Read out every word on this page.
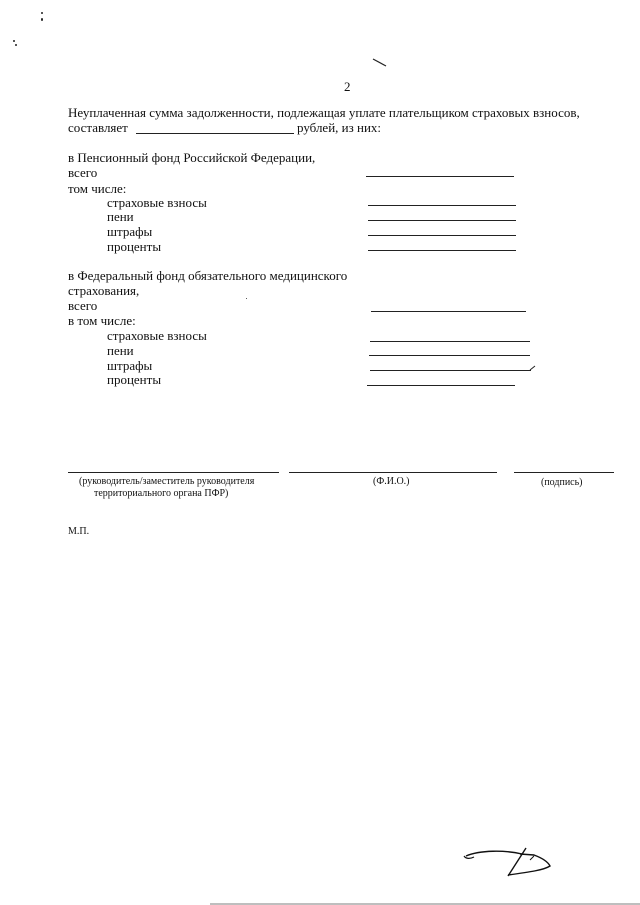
2
Неуплаченная сумма задолженности, подлежащая уплате плательщиком страховых взносов,
составляет	рублей, из них:
в Пенсионный фонд Российской Федерации,
всего
том числе:
страховые взносы
пени
штрафы
проценты
в Федеральный фонд обязательного медицинского
страхования,
всего
в том числе:
страховые взносы
пени
штрафы
проценты
(руководитель/заместитель руководителя
территориального органа ПФР)
(Ф.И.О.)	(подпись)
М.П.
